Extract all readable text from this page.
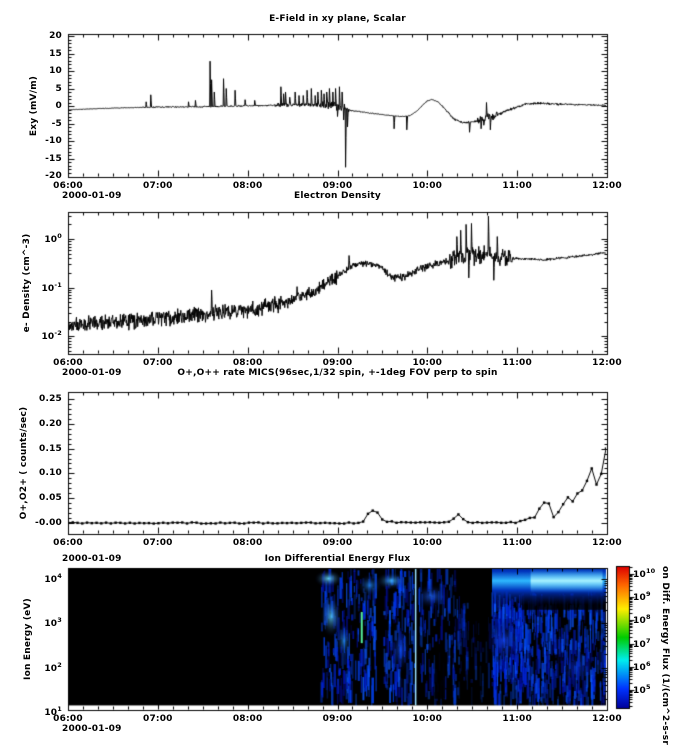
E-Field in xy plane, Scalar
Exy (mV/m)
2000-01-09
06:00	07:00	08:00	09:00	10:00	11:00	12:00
20
15
10
5
0
-5
-10
-15
-20
Electron Density
e- Density (cm^-3)
2000-01-09
06:00	07:00	08:00	09:00	10:00	11:00	12:00
$10^0$
$10^{-1}$
$10^{-2}$
O+,O++ rate MICS(96sec,1/32 spin, +-1deg FOV perp to spin
O+,O2+ ( counts/sec)
2000-01-09
06:00	07:00	08:00	09:00	10:00	11:00	12:00
0.25
0.20
0.15
0.10
0.05
-0.00
Ion Differential Energy Flux
Ion Energy (eV)
2000-01-09
06:00	07:00	08:00	09:00	10:00	11:00	12:00
$10^4$
$10^3$
$10^2$
$10^1$
$10^{10}$
$10^9$
$10^8$
$10^7$
$10^6$
$10^5$ on Diff. Energy Flux (1/(cm^2-s-sr
